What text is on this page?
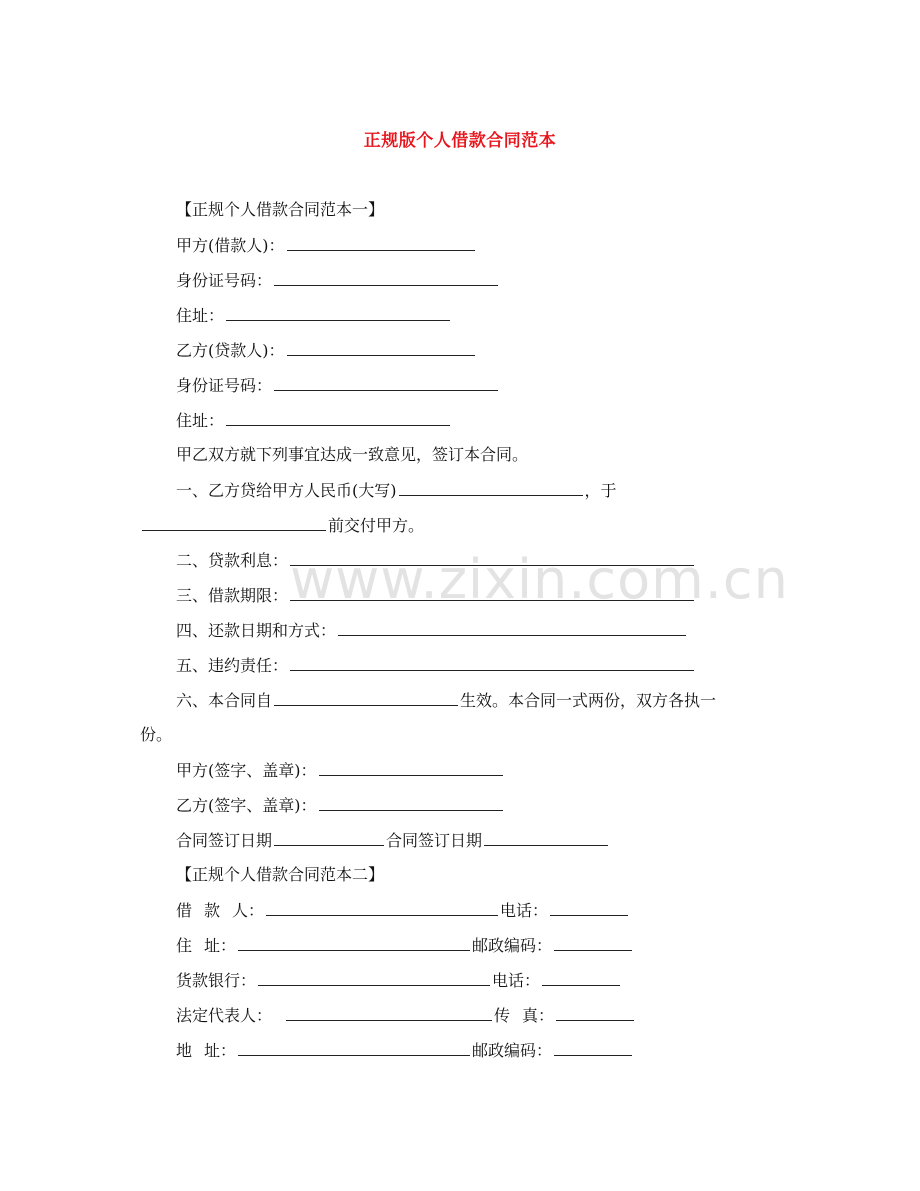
www.zixin.com.cn
正规版个人借款合同范本
【正规个人借款合同范本一】
甲方(借款人)：
身份证号码：
住址：
乙方(贷款人)：
身份证号码：
住址：
甲乙双方就下列事宜达成一致意见，签订本合同。
一、乙方贷给甲方人民币(大写)	，于
前交付甲方。
二、贷款利息：
三、借款期限：
四、还款日期和方式：
五、违约责任：
六、本合同自	生效。本合同一式两份，双方各执一
份。
甲方(签字、盖章)：
乙方(签字、盖章)：
合同签订日期	合同签订日期
【正规个人借款合同范本二】
借 款 人：	电话：
住 址：	邮政编码：
货款银行：	电话：
法定代表人：	传 真：
地 址：	邮政编码：
